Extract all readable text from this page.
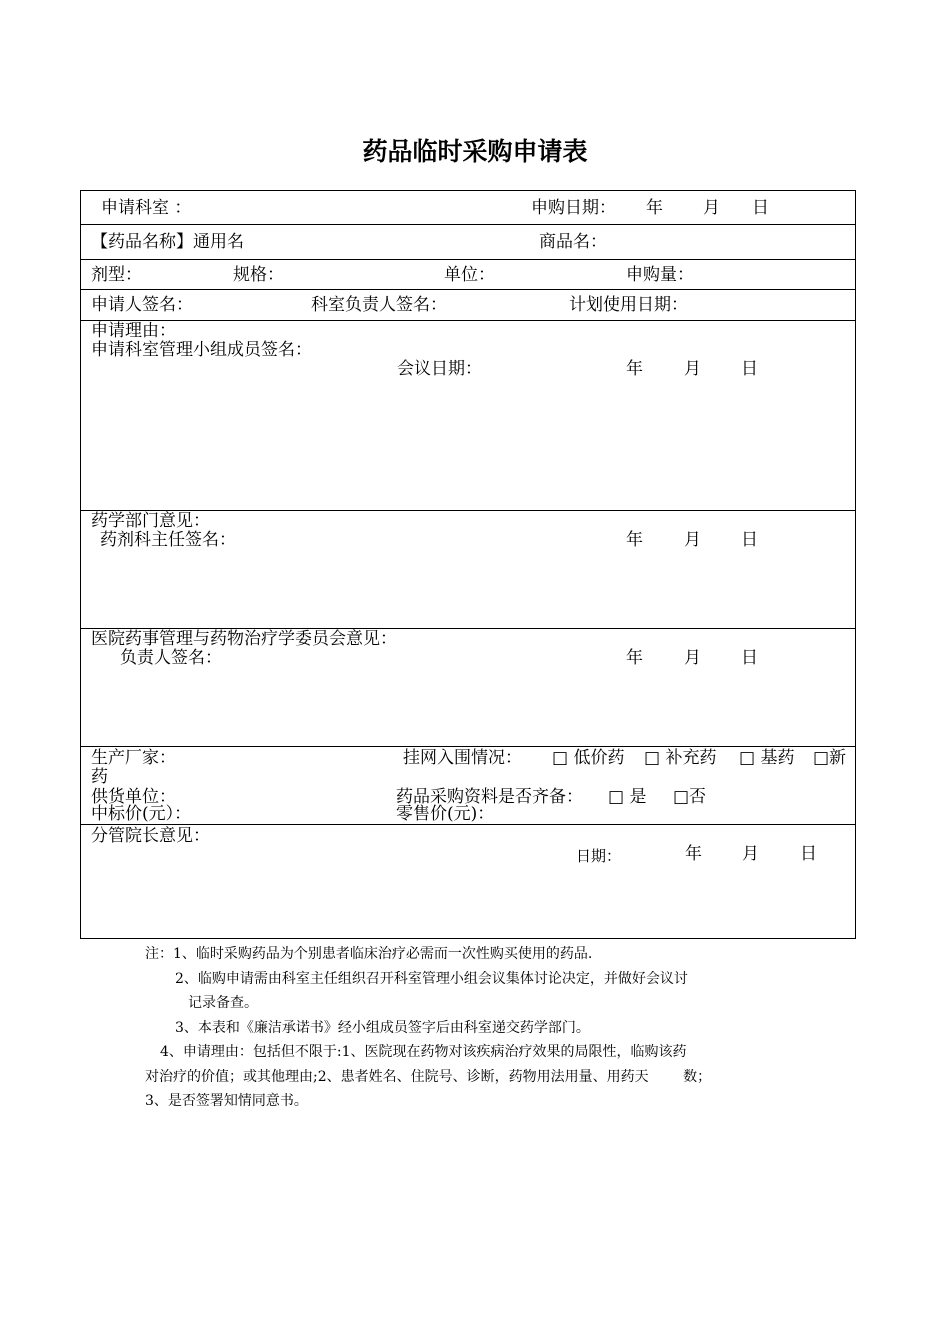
药品临时采购申请表
申请科室 ：	申购日期： 年 月 日
【药品名称】通用名	商品名：
剂型：	规格：	单位：	申购量：
申请人签名：	科室负责人签名：	计划使用日期：
申请理由：
申请科室管理小组成员签名：
会议日期：	年 月 日
药学部门意见：
药剂科主任签名：	年 月 日
医院药事管理与药物治疗学委员会意见：
负责人签名：	年 月 日
生产厂家：	挂网入围情况： □ 低价药 □ 补充药 □ 基药 □新
药
供货单位：	药品采购资料是否齐备： □ 是 □否
中标价(元）：	零售价(元)：
分管院长意见：
日期：	年 月 日
注：1、临时采购药品为个别患者临床治疗必需而一次性购买使用的药品.
2、临购申请需由科室主任组织召开科室管理小组会议集体讨论决定，并做好会议讨
记录备查。
3、本表和《廉洁承诺书》经小组成员签字后由科室递交药学部门。
4、申请理由：包括但不限于:1、医院现在药物对该疾病治疗效果的局限性，临购该药
对治疗的价值；或其他理由;2、患者姓名、住院号、诊断，药物用法用量、用药天 数；
3、是否签署知情同意书。
